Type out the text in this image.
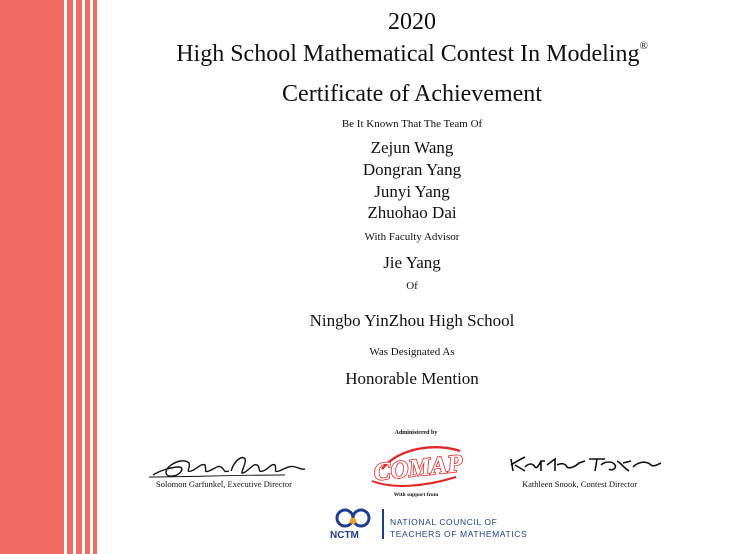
2020
High School Mathematical Contest In Modeling®
Certificate of Achievement
Be It Known That The Team Of
Zejun Wang
Dongran Yang
Junyi Yang
Zhuohao Dai
With Faculty Advisor
Jie Yang
Of
Ningbo YinZhou High School
Was Designated As
Honorable Mention
Solomon Garfunkel, Executive Director	Kathleen Snook, Contest Director
Administered by
COMAP
With support from
NCTM
NATIONAL COUNCIL OF
TEACHERS OF MATHEMATICS
